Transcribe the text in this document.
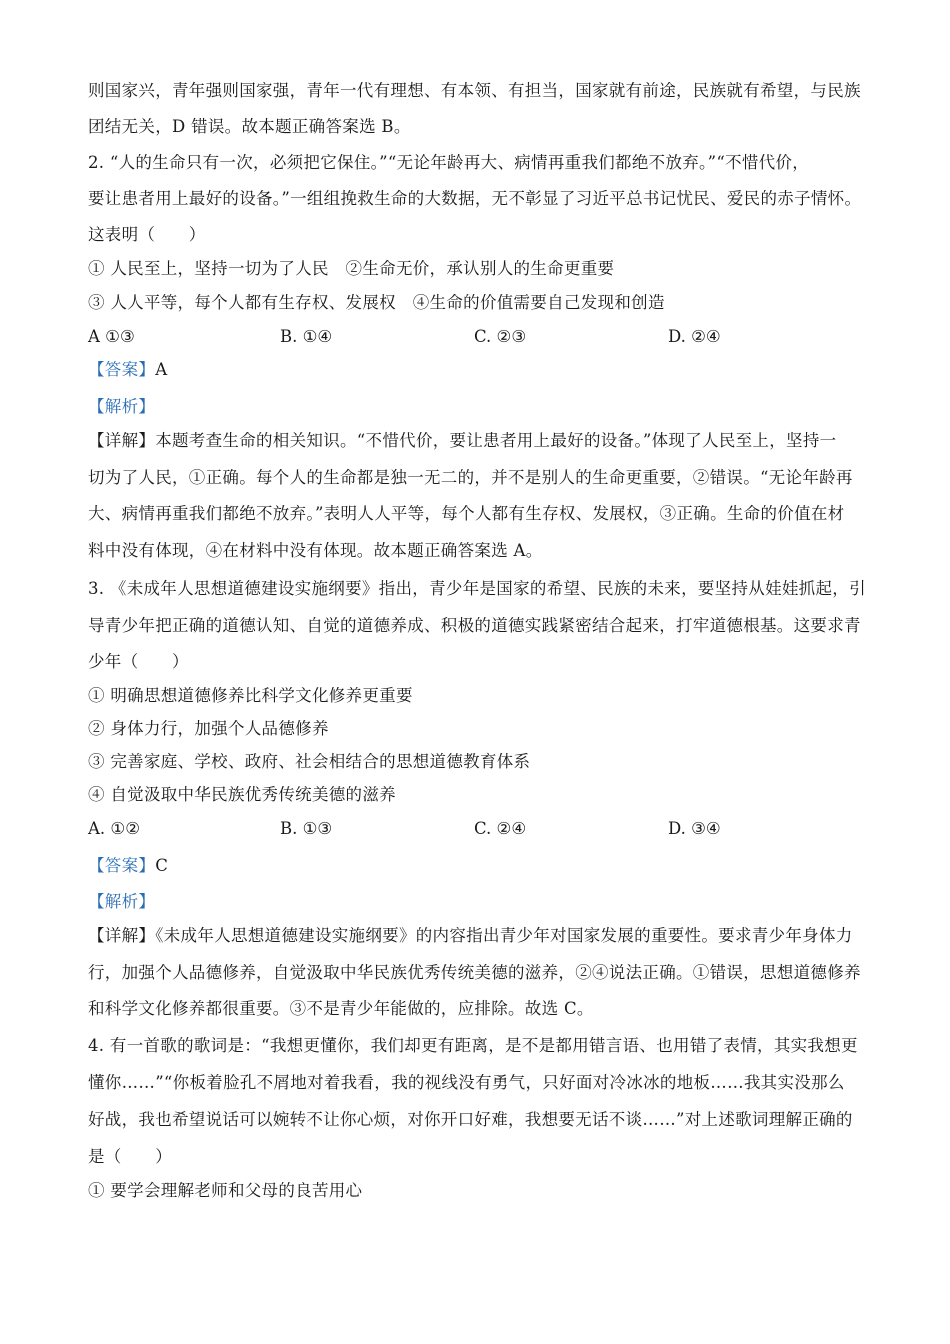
则国家兴，青年强则国家强，青年一代有理想、有本领、有担当，国家就有前途，民族就有希望，与民族
团结无关，D 错误。故本题正确答案选 B。
2. “人的生命只有一次，必须把它保住。”“无论年龄再大、病情再重我们都绝不放弃。”“不惜代价，
要让患者用上最好的设备。”一组组挽救生命的大数据，无不彰显了习近平总书记忧民、爱民的赤子情怀。
这表明（　　）
① 人民至上，坚持一切为了人民　②生命无价，承认别人的生命更重要
③ 人人平等，每个人都有生存权、发展权　④生命的价值需要自己发现和创造
A ①③	B. ①④	C. ②③	D. ②④
【答案】A
【解析】
【详解】本题考查生命的相关知识。“不惜代价，要让患者用上最好的设备。”体现了人民至上，坚持一
切为了人民，①正确。每个人的生命都是独一无二的，并不是别人的生命更重要，②错误。“无论年龄再
大、病情再重我们都绝不放弃。”表明人人平等，每个人都有生存权、发展权，③正确。生命的价值在材
料中没有体现，④在材料中没有体现。故本题正确答案选 A。
3. 《未成年人思想道德建设实施纲要》指出，青少年是国家的希望、民族的未来，要坚持从娃娃抓起，引
导青少年把正确的道德认知、自觉的道德养成、积极的道德实践紧密结合起来，打牢道德根基。这要求青
少年（　　）
① 明确思想道德修养比科学文化修养更重要
② 身体力行，加强个人品德修养
③ 完善家庭、学校、政府、社会相结合的思想道德教育体系
④ 自觉汲取中华民族优秀传统美德的滋养
A. ①②	B. ①③	C. ②④	D. ③④
【答案】C
【解析】
【详解】《未成年人思想道德建设实施纲要》的内容指出青少年对国家发展的重要性。要求青少年身体力
行，加强个人品德修养，自觉汲取中华民族优秀传统美德的滋养，②④说法正确。①错误，思想道德修养
和科学文化修养都很重要。③不是青少年能做的，应排除。故选 C。
4. 有一首歌的歌词是：“我想更懂你，我们却更有距离，是不是都用错言语、也用错了表情，其实我想更
懂你……”“你板着脸孔不屑地对着我看，我的视线没有勇气，只好面对冷冰冰的地板……我其实没那么
好战，我也希望说话可以婉转不让你心烦，对你开口好难，我想要无话不谈……”对上述歌词理解正确的
是（　　）
① 要学会理解老师和父母的良苦用心
